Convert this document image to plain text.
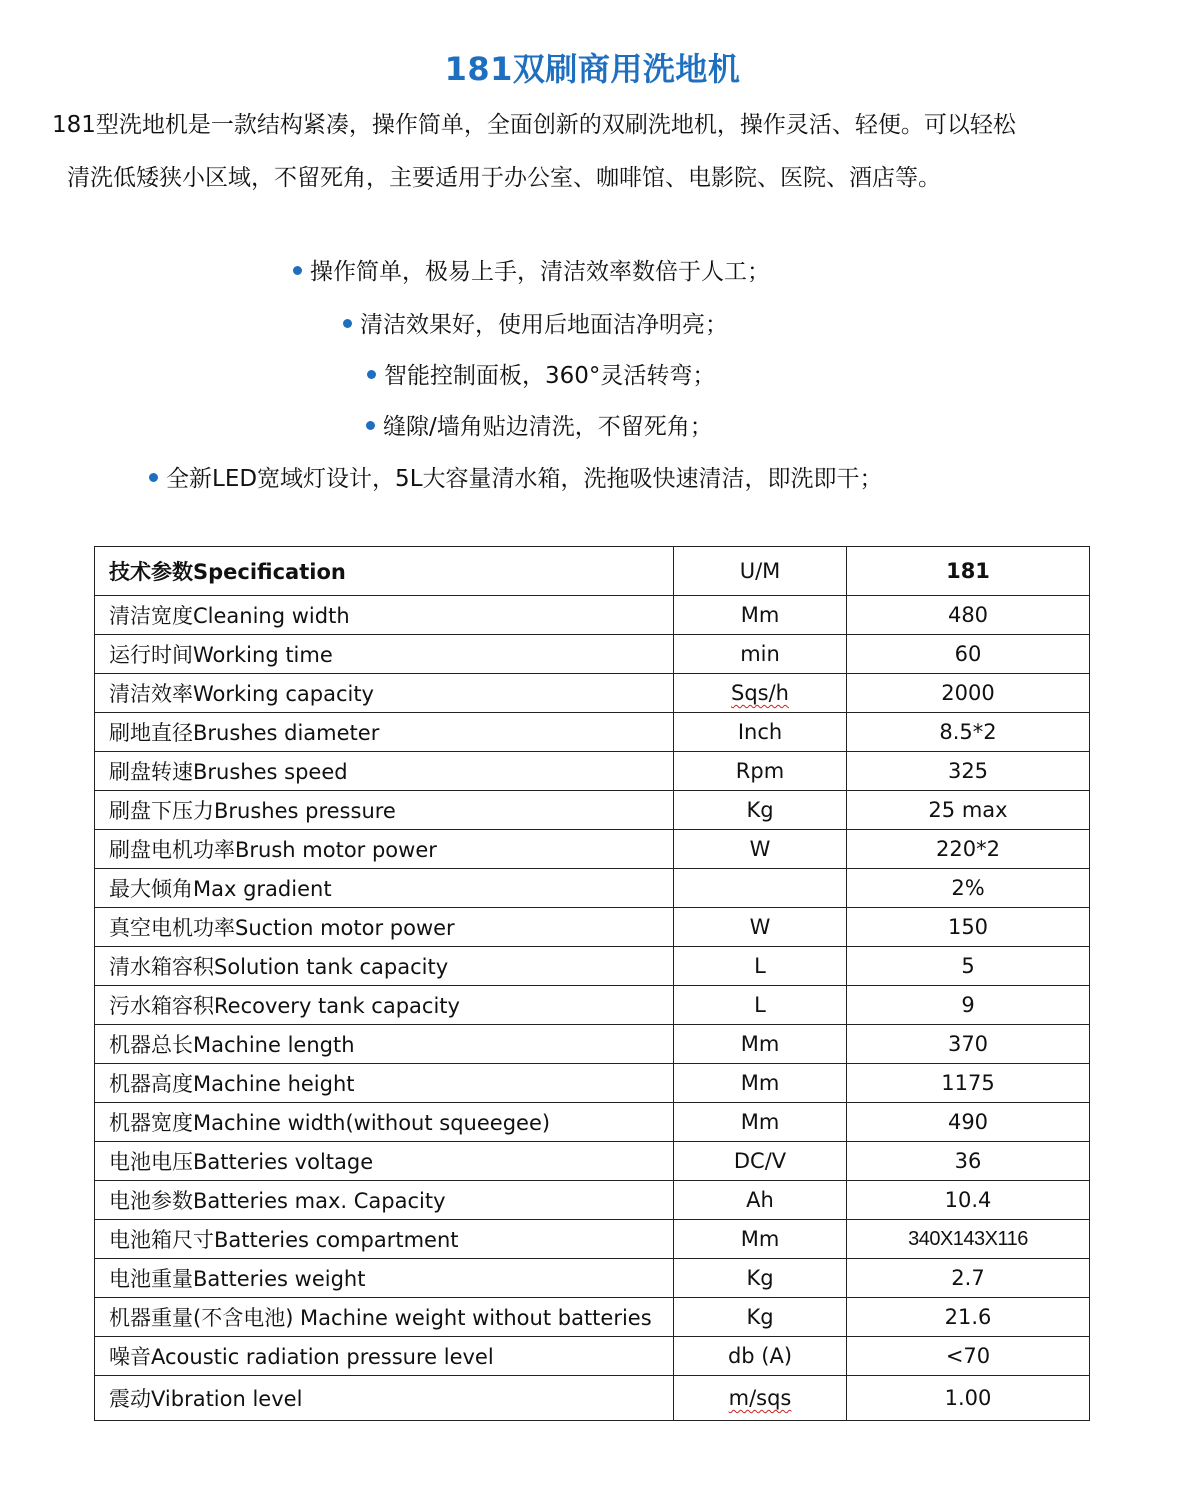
181双刷商用洗地机
181型洗地机是一款结构紧凑，操作简单，全面创新的双刷洗地机，操作灵活、轻便。可以轻松
清洗低矮狭小区域，不留死角，主要适用于办公室、咖啡馆、电影院、医院、酒店等。
操作简单，极易上手，清洁效率数倍于人工；
清洁效果好，使用后地面洁净明亮；
智能控制面板，360°灵活转弯；
缝隙/墙角贴边清洗，不留死角；
全新LED宽域灯设计，5L大容量清水箱，洗拖吸快速清洁，即洗即干；
技术参数Specification	U/M	181
清洁宽度Cleaning width	Mm	480
运行时间Working time	min	60
清洁效率Working capacity	Sqs/h	2000
刷地直径Brushes diameter	Inch	8.5*2
刷盘转速Brushes speed	Rpm	325
刷盘下压力Brushes pressure	Kg	25 max
刷盘电机功率Brush motor power	W	220*2
最大倾角Max gradient		2%
真空电机功率Suction motor power	W	150
清水箱容积Solution tank capacity	L	5
污水箱容积Recovery tank capacity	L	9
机器总长Machine length	Mm	370
机器高度Machine height	Mm	1175
机器宽度Machine width(without squeegee)	Mm	490
电池电压Batteries voltage	DC/V	36
电池参数Batteries max. Capacity	Ah	10.4
电池箱尺寸Batteries compartment	Mm	340X143X116
电池重量Batteries weight	Kg	2.7
机器重量(不含电池) Machine weight without batteries	Kg	21.6
噪音Acoustic radiation pressure level	db (A)	<70
震动Vibration level	m/sqs	1.00
